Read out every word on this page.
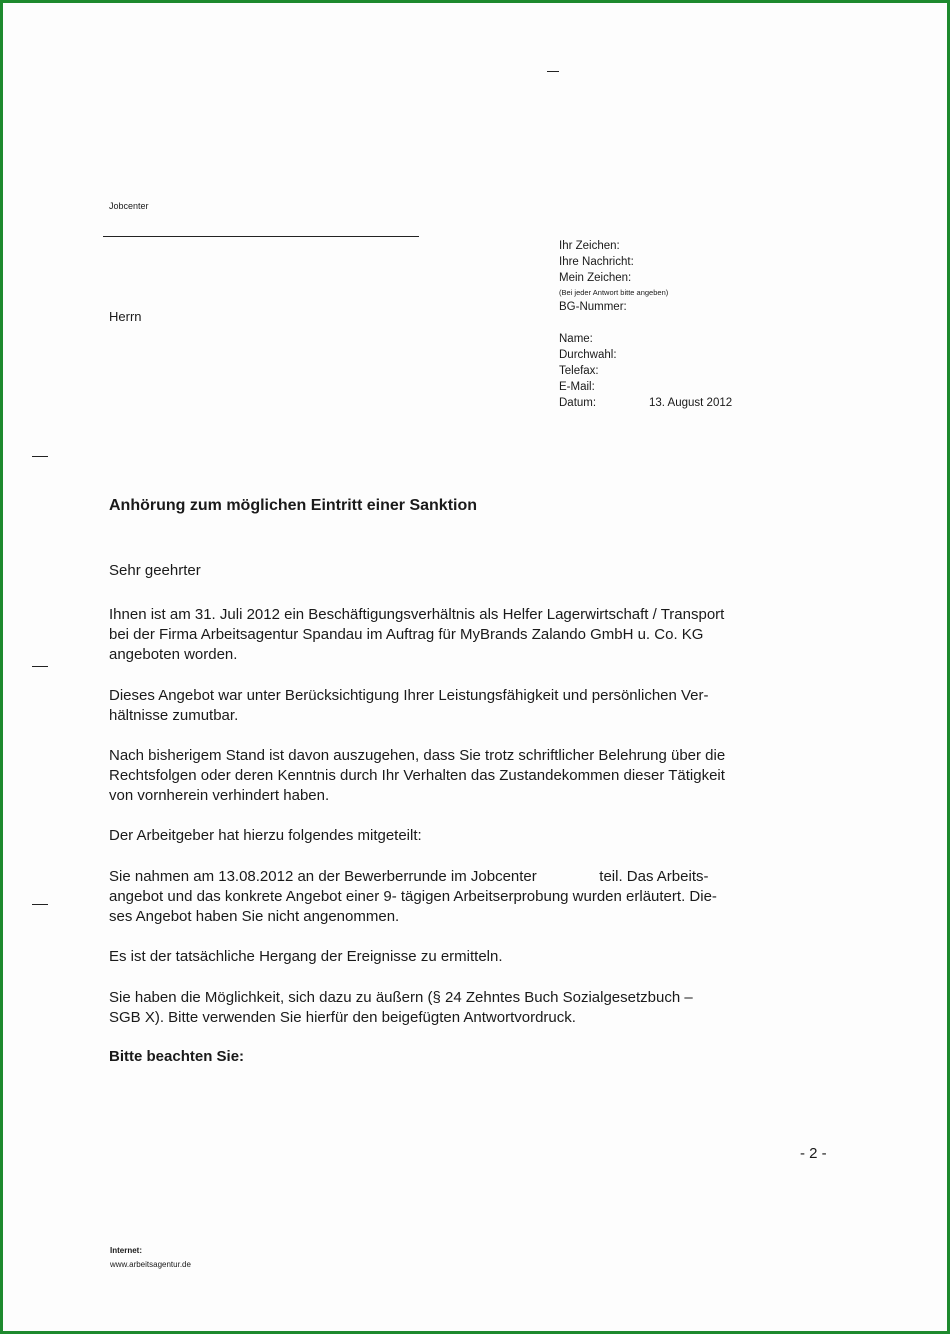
Jobcenter
Herrn
Ihr Zeichen:
Ihre Nachricht:
Mein Zeichen:
(Bei jeder Antwort bitte angeben)
BG-Nummer:
Name:
Durchwahl:
Telefax:
E-Mail:
Datum:	13. August 2012
Anhörung zum möglichen Eintritt einer Sanktion
Sehr geehrter
Ihnen ist am 31. Juli 2012 ein Beschäftigungsverhältnis als Helfer Lagerwirtschaft / Transport
bei der Firma Arbeitsagentur Spandau im Auftrag für MyBrands Zalando GmbH u. Co. KG
angeboten worden.
Dieses Angebot war unter Berücksichtigung Ihrer Leistungsfähigkeit und persönlichen Ver-
hältnisse zumutbar.
Nach bisherigem Stand ist davon auszugehen, dass Sie trotz schriftlicher Belehrung über die
Rechtsfolgen oder deren Kenntnis durch Ihr Verhalten das Zustandekommen dieser Tätigkeit
von vornherein verhindert haben.
Der Arbeitgeber hat hierzu folgendes mitgeteilt:
Sie nahmen am 13.08.2012 an der Bewerberrunde im Jobcenter               teil. Das Arbeits-
angebot und das konkrete Angebot einer 9- tägigen Arbeitserprobung wurden erläutert. Die-
ses Angebot haben Sie nicht angenommen.
Es ist der tatsächliche Hergang der Ereignisse zu ermitteln.
Sie haben die Möglichkeit, sich dazu zu äußern (§ 24 Zehntes Buch Sozialgesetzbuch –
SGB X). Bitte verwenden Sie hierfür den beigefügten Antwortvordruck.
Bitte beachten Sie:
- 2 -
Internet:
www.arbeitsagentur.de
